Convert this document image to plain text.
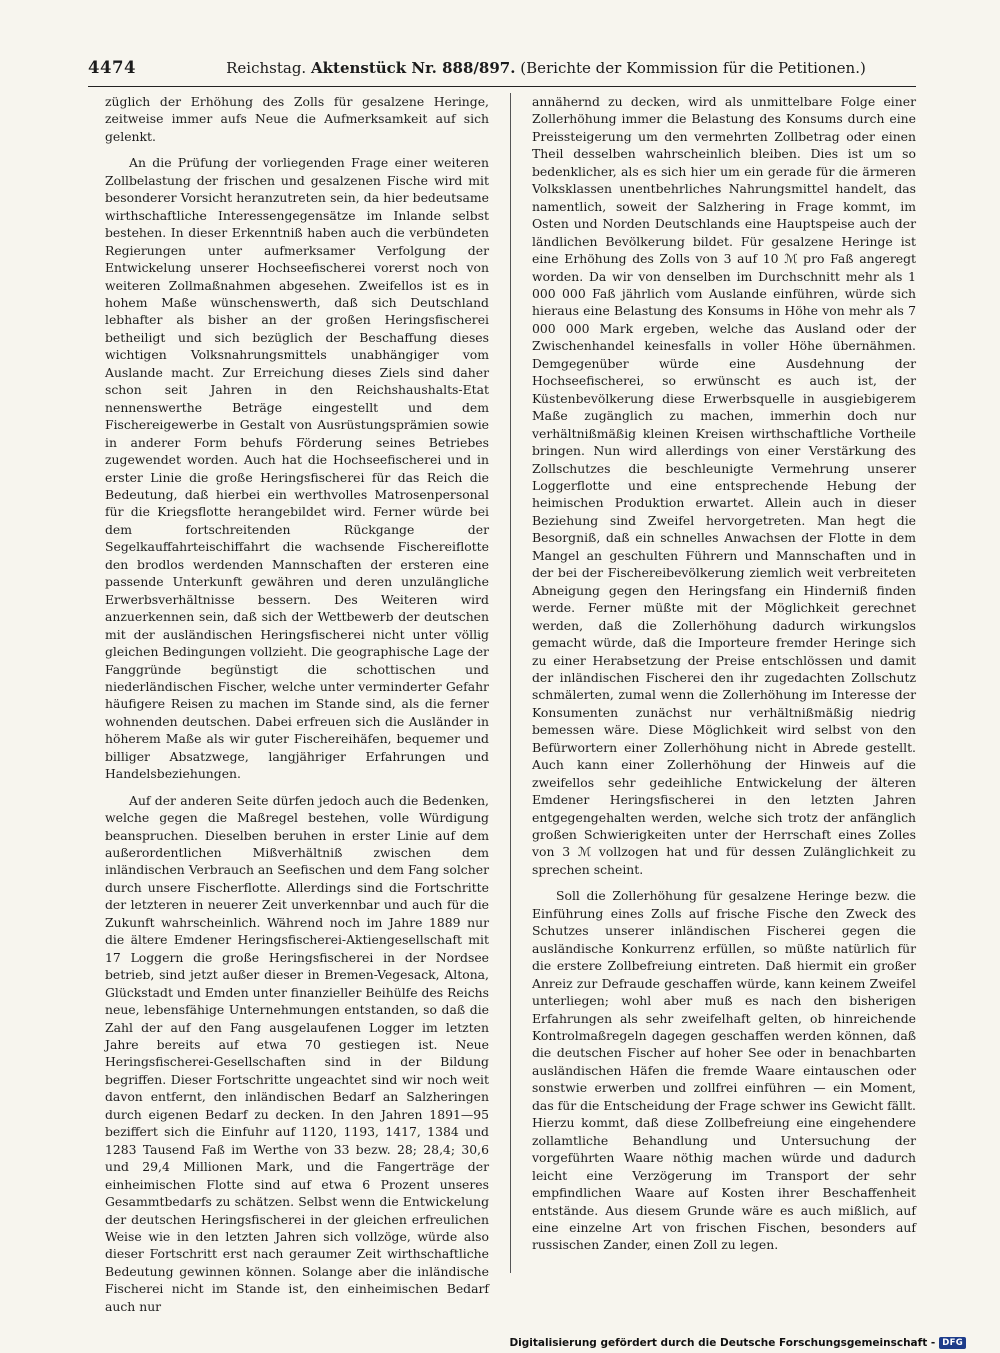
4474	Reichstag. Aktenstück Nr. 888/897. (Berichte der Kommission für die Petitionen.)

züglich der Erhöhung des Zolls für gesalzene Heringe, zeitweise immer aufs Neue die Aufmerksamkeit auf sich gelenkt.

An die Prüfung der vorliegenden Frage einer weiteren Zollbelastung der frischen und gesalzenen Fische wird mit besonderer Vorsicht heranzutreten sein, da hier bedeutsame wirthschaftliche Interessengegensätze im Inlande selbst bestehen. In dieser Erkenntniß haben auch die verbündeten Regierungen unter aufmerksamer Verfolgung der Entwickelung unserer Hochseefischerei vorerst noch von weiteren Zollmaßnahmen abgesehen. Zweifellos ist es in hohem Maße wünschenswerth, daß sich Deutschland lebhafter als bisher an der großen Heringsfischerei betheiligt und sich bezüglich der Beschaffung dieses wichtigen Volksnahrungsmittels unabhängiger vom Auslande macht. Zur Erreichung dieses Ziels sind daher schon seit Jahren in den Reichshaushalts-Etat nennenswerthe Beträge eingestellt und dem Fischereigewerbe in Gestalt von Ausrüstungsprämien sowie in anderer Form behufs Förderung seines Betriebes zugewendet worden. Auch hat die Hochseefischerei und in erster Linie die große Heringsfischerei für das Reich die Bedeutung, daß hierbei ein werthvolles Matrosenpersonal für die Kriegsflotte herangebildet wird. Ferner würde bei dem fortschreitenden Rückgange der Segelkauffahrteischiffahrt die wachsende Fischereiflotte den brodlos werdenden Mannschaften der ersteren eine passende Unterkunft gewähren und deren unzulängliche Erwerbsverhältnisse bessern. Des Weiteren wird anzuerkennen sein, daß sich der Wettbewerb der deutschen mit der ausländischen Heringsfischerei nicht unter völlig gleichen Bedingungen vollzieht. Die geographische Lage der Fanggründe begünstigt die schottischen und niederländischen Fischer, welche unter verminderter Gefahr häufigere Reisen zu machen im Stande sind, als die ferner wohnenden deutschen. Dabei erfreuen sich die Ausländer in höherem Maße als wir guter Fischereihäfen, bequemer und billiger Absatzwege, langjähriger Erfahrungen und Handelsbeziehungen.

Auf der anderen Seite dürfen jedoch auch die Bedenken, welche gegen die Maßregel bestehen, volle Würdigung beanspruchen. Dieselben beruhen in erster Linie auf dem außerordentlichen Mißverhältniß zwischen dem inländischen Verbrauch an Seefischen und dem Fang solcher durch unsere Fischerflotte. Allerdings sind die Fortschritte der letzteren in neuerer Zeit unverkennbar und auch für die Zukunft wahrscheinlich. Während noch im Jahre 1889 nur die ältere Emdener Heringsfischerei-Aktiengesellschaft mit 17 Loggern die große Heringsfischerei in der Nordsee betrieb, sind jetzt außer dieser in Bremen-Vegesack, Altona, Glückstadt und Emden unter finanzieller Beihülfe des Reichs neue, lebensfähige Unternehmungen entstanden, so daß die Zahl der auf den Fang ausgelaufenen Logger im letzten Jahre bereits auf etwa 70 gestiegen ist. Neue Heringsfischerei-Gesellschaften sind in der Bildung begriffen. Dieser Fortschritte ungeachtet sind wir noch weit davon entfernt, den inländischen Bedarf an Salzheringen durch eigenen Bedarf zu decken. In den Jahren 1891—95 beziffert sich die Einfuhr auf 1120, 1193, 1417, 1384 und 1283 Tausend Faß im Werthe von 33 bezw. 28; 28,4; 30,6 und 29,4 Millionen Mark, und die Fangerträge der einheimischen Flotte sind auf etwa 6 Prozent unseres Gesammtbedarfs zu schätzen. Selbst wenn die Entwickelung der deutschen Heringsfischerei in der gleichen erfreulichen Weise wie in den letzten Jahren sich vollzöge, würde also dieser Fortschritt erst nach geraumer Zeit wirthschaftliche Bedeutung gewinnen können. Solange aber die inländische Fischerei nicht im Stande ist, den einheimischen Bedarf auch nur

annähernd zu decken, wird als unmittelbare Folge einer Zollerhöhung immer die Belastung des Konsums durch eine Preissteigerung um den vermehrten Zollbetrag oder einen Theil desselben wahrscheinlich bleiben. Dies ist um so bedenklicher, als es sich hier um ein gerade für die ärmeren Volksklassen unentbehrliches Nahrungsmittel handelt, das namentlich, soweit der Salzhering in Frage kommt, im Osten und Norden Deutschlands eine Hauptspeise auch der ländlichen Bevölkerung bildet. Für gesalzene Heringe ist eine Erhöhung des Zolls von 3 auf 10 ℳ pro Faß angeregt worden. Da wir von denselben im Durchschnitt mehr als 1 000 000 Faß jährlich vom Auslande einführen, würde sich hieraus eine Belastung des Konsums in Höhe von mehr als 7 000 000 Mark ergeben, welche das Ausland oder der Zwischenhandel keinesfalls in voller Höhe übernähmen. Demgegenüber würde eine Ausdehnung der Hochseefischerei, so erwünscht es auch ist, der Küstenbevölkerung diese Erwerbsquelle in ausgiebigerem Maße zugänglich zu machen, immerhin doch nur verhältnißmäßig kleinen Kreisen wirthschaftliche Vortheile bringen. Nun wird allerdings von einer Verstärkung des Zollschutzes die beschleunigte Vermehrung unserer Loggerflotte und eine entsprechende Hebung der heimischen Produktion erwartet. Allein auch in dieser Beziehung sind Zweifel hervorgetreten. Man hegt die Besorgniß, daß ein schnelles Anwachsen der Flotte in dem Mangel an geschulten Führern und Mannschaften und in der bei der Fischereibevölkerung ziemlich weit verbreiteten Abneigung gegen den Heringsfang ein Hinderniß finden werde. Ferner müßte mit der Möglichkeit gerechnet werden, daß die Zollerhöhung dadurch wirkungslos gemacht würde, daß die Importeure fremder Heringe sich zu einer Herabsetzung der Preise entschlössen und damit der inländischen Fischerei den ihr zugedachten Zollschutz schmälerten, zumal wenn die Zollerhöhung im Interesse der Konsumenten zunächst nur verhältnißmäßig niedrig bemessen wäre. Diese Möglichkeit wird selbst von den Befürwortern einer Zollerhöhung nicht in Abrede gestellt. Auch kann einer Zollerhöhung der Hinweis auf die zweifellos sehr gedeihliche Entwickelung der älteren Emdener Heringsfischerei in den letzten Jahren entgegengehalten werden, welche sich trotz der anfänglich großen Schwierigkeiten unter der Herrschaft eines Zolles von 3 ℳ vollzogen hat und für dessen Zulänglichkeit zu sprechen scheint.

Soll die Zollerhöhung für gesalzene Heringe bezw. die Einführung eines Zolls auf frische Fische den Zweck des Schutzes unserer inländischen Fischerei gegen die ausländische Konkurrenz erfüllen, so müßte natürlich für die erstere Zollbefreiung eintreten. Daß hiermit ein großer Anreiz zur Defraude geschaffen würde, kann keinem Zweifel unterliegen; wohl aber muß es nach den bisherigen Erfahrungen als sehr zweifelhaft gelten, ob hinreichende Kontrolmaßregeln dagegen geschaffen werden können, daß die deutschen Fischer auf hoher See oder in benachbarten ausländischen Häfen die fremde Waare eintauschen oder sonstwie erwerben und zollfrei einführen — ein Moment, das für die Entscheidung der Frage schwer ins Gewicht fällt. Hierzu kommt, daß diese Zollbefreiung eine eingehendere zollamtliche Behandlung und Untersuchung der vorgeführten Waare nöthig machen würde und dadurch leicht eine Verzögerung im Transport der sehr empfindlichen Waare auf Kosten ihrer Beschaffenheit entstände. Aus diesem Grunde wäre es auch mißlich, auf eine einzelne Art von frischen Fischen, besonders auf russischen Zander, einen Zoll zu legen.

Digitalisierung gefördert durch die Deutsche Forschungsgemeinschaft - DFG
